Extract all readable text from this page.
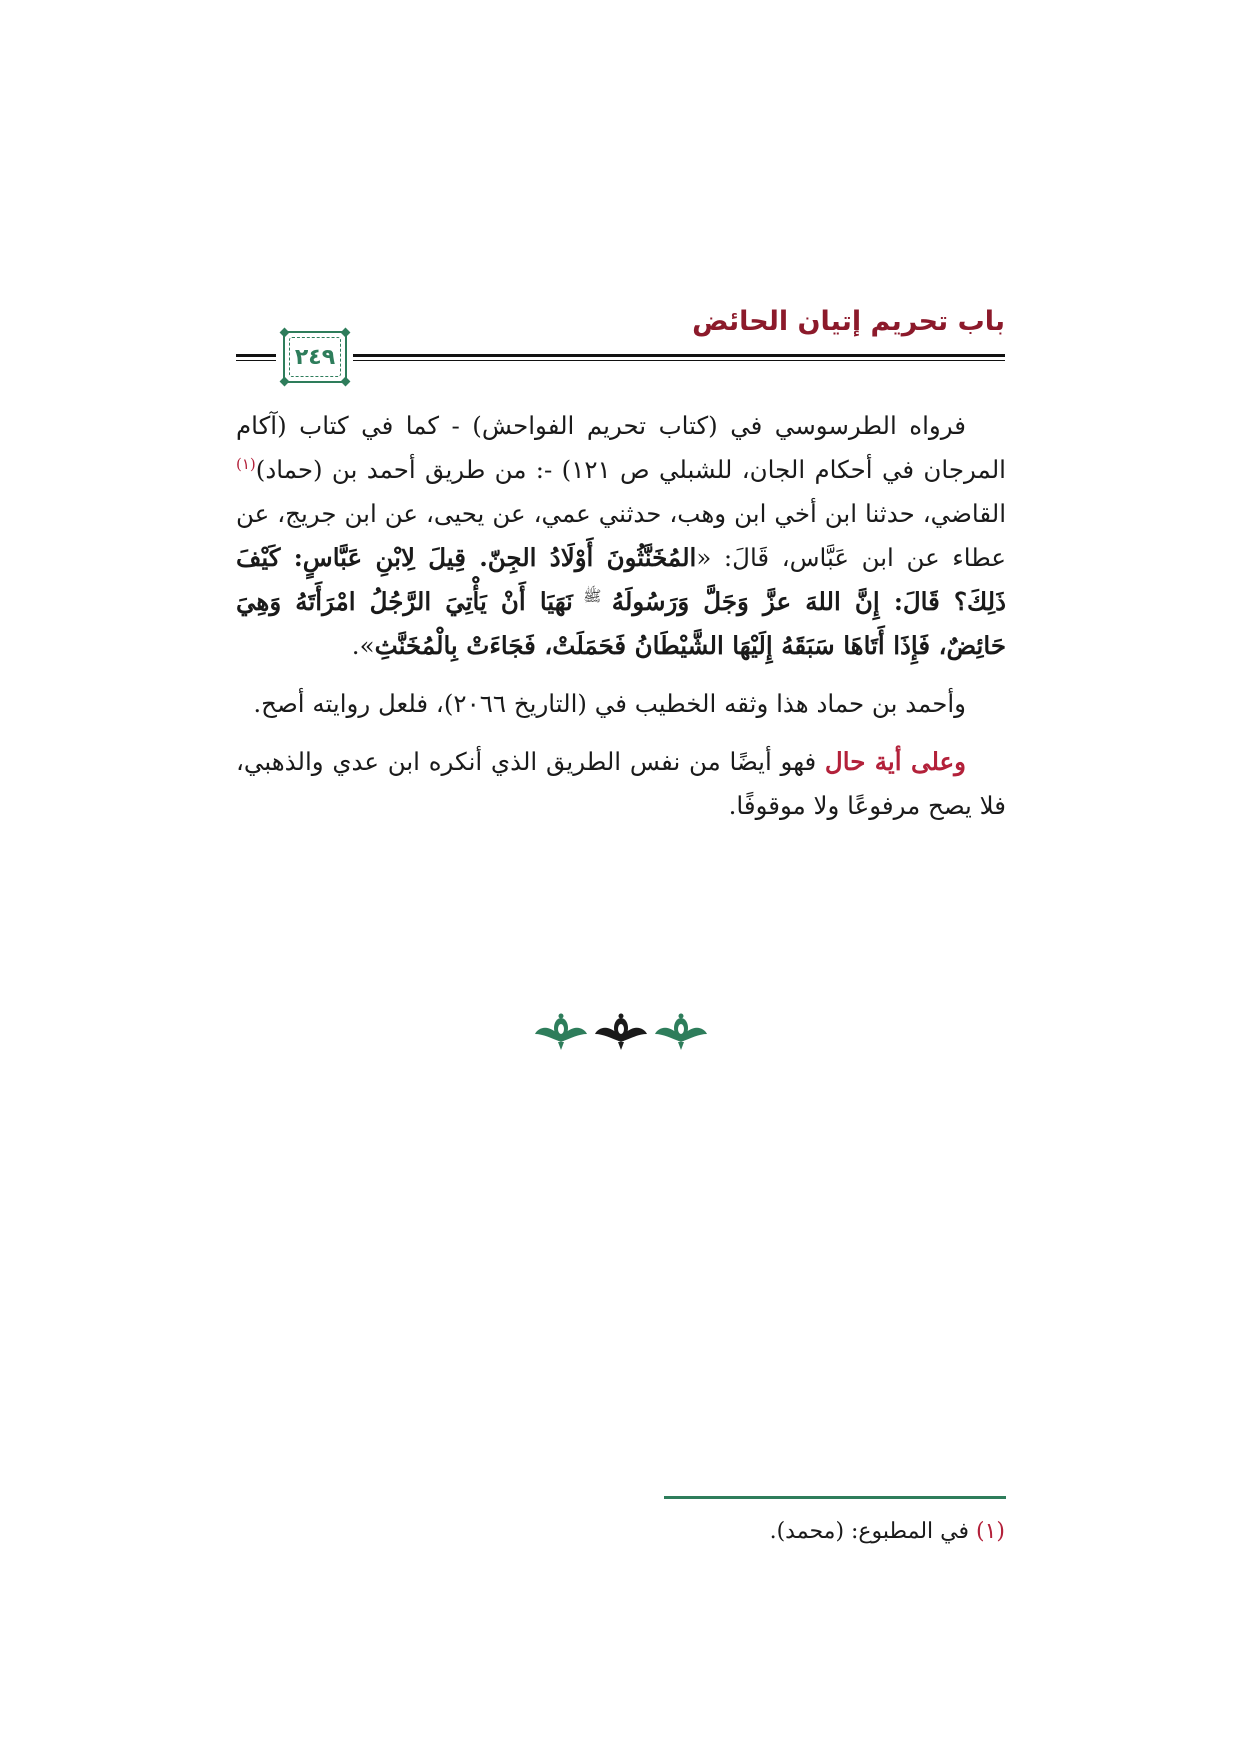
باب تحريم إتيان الحائض
٢٤٩

فرواه الطرسوسي في (كتاب تحريم الفواحش) - كما في كتاب (آكام المرجان في أحكام الجان، للشبلي ص ١٢١) -: من طريق أحمد بن (حماد)$^{(١)}$ القاضي، حدثنا ابن أخي ابن وهب، حدثني عمي، عن يحيى، عن ابن جريج، عن عطاء عن ابن عَبَّاس، قَالَ: «المُخَنَّثُونَ أَوْلَادُ الجِنّ. قِيلَ لِابْنِ عَبَّاسٍ: كَيْفَ ذَلِكَ؟ قَالَ: إِنَّ اللهَ عزَّ وَجَلَّ وَرَسُولَهُ $^ﷺ$ نَهَيَا أَنْ يَأْتِيَ الرَّجُلُ امْرَأَتَهُ وَهِيَ حَائِضٌ، فَإِذَا أَتَاهَا سَبَقَهُ إِلَيْهَا الشَّيْطَانُ فَحَمَلَتْ، فَجَاءَتْ بِالْمُخَنَّثِ».

وأحمد بن حماد هذا وثقه الخطيب في (التاريخ ٢٠٦٦)، فلعل روايته أصح.

وعلى أية حال فهو أيضًا من نفس الطريق الذي أنكره ابن عدي والذهبي، فلا يصح مرفوعًا ولا موقوفًا.

(١) في المطبوع: (محمد).
